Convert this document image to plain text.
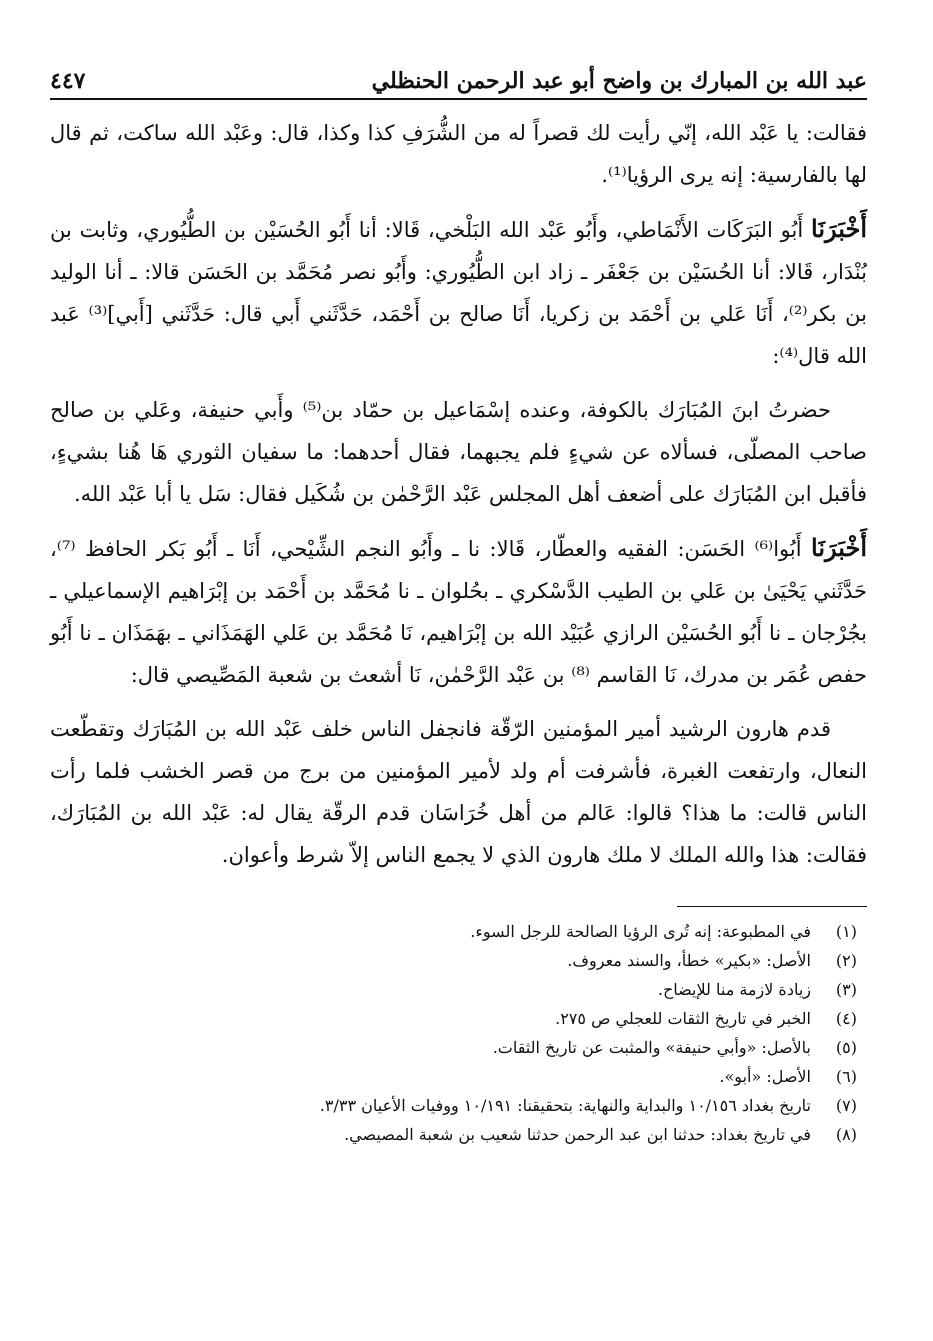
عبد الله بن المبارك بن واضح أبو عبد الرحمن الحنظلي
٤٤٧

فقالت: يا عَبْد الله، إنّي رأيت لك قصراً له من الشُّرَفِ كذا وكذا، قال: وعَبْد الله ساكت، ثم قال لها بالفارسية: إنه يرى الرؤيا⁽¹⁾.

أَخْبَرَنَا أَبُو البَرَكَات الأَنْمَاطي، وأَبُو عَبْد الله البَلْخي، قَالا: أنا أَبُو الحُسَيْن بن الطُّيُوري، وثابت بن بُنْدَار، قَالا: أنا الحُسَيْن بن جَعْفَر ـ زاد ابن الطُّيُوري: وأَبُو نصر مُحَمَّد بن الحَسَن قالا: ـ أنا الوليد بن بكر⁽²⁾، أَنَا عَلي بن أَحْمَد بن زكريا، أَنَا صالح بن أَحْمَد، حَدَّثَني أَبي قال: حَدَّثَني [أَبي]⁽³⁾ عَبد الله قال⁽⁴⁾:

حضرتُ ابنَ المُبَارَك بالكوفة، وعنده إسْمَاعيل بن حمّاد بن⁽⁵⁾ وأَبي حنيفة، وعَلي بن صالح صاحب المصلّى، فسألاه عن شيءٍ فلم يجبهما، فقال أحدهما: ما سفيان الثوري هَا هُنا بشيءٍ، فأقبل ابن المُبَارَك على أضعف أهل المجلس عَبْد الرَّحْمٰن بن شُكَيل فقال: سَل يا أبا عَبْد الله.

أَخْبَرَنَا أَبُوا⁽⁶⁾ الحَسَن: الفقيه والعطّار، قَالا: نا ـ وأَبُو النجم الشِّيْحي، أَنَا ـ أَبُو بَكر الحافظ ⁽⁷⁾، حَدَّثَني يَحْيَىٰ بن عَلي بن الطيب الدَّسْكري ـ بحُلوان ـ نا مُحَمَّد بن أَحْمَد بن إبْرَاهيم الإسماعيلي ـ بجُرْجان ـ نا أَبُو الحُسَيْن الرازي عُبَيْد الله بن إبْرَاهيم، نَا مُحَمَّد بن عَلي الهَمَذَاني ـ بهَمَذَان ـ نا أَبُو حفص عُمَر بن مدرك، نَا القاسم ⁽⁸⁾ بن عَبْد الرَّحْمٰن، نَا أشعث بن شعبة المَصِّيصي قال:

قدم هارون الرشيد أمير المؤمنين الرّقّة فانجفل الناس خلف عَبْد الله بن المُبَارَك وتقطّعت النعال، وارتفعت الغبرة، فأشرفت أم ولد لأمير المؤمنين من برج من قصر الخشب فلما رأت الناس قالت: ما هذا؟ قالوا: عَالم من أهل خُرَاسَان قدم الرقّة يقال له: عَبْد الله بن المُبَارَك، فقالت: هذا والله الملك لا ملك هارون الذي لا يجمع الناس إلاّ شرط وأعوان.

(١)
في المطبوعة: إنه تُرى الرؤيا الصالحة للرجل السوء.
(٢)
الأصل: «بكير» خطأ، والسند معروف.
(٣)
زيادة لازمة منا للإيضاح.
(٤)
الخبر في تاريخ الثقات للعجلي ص ٢٧٥.
(٥)
بالأصل: «وأبي حنيفة» والمثبت عن تاريخ الثقات.
(٦)
الأصل: «أبو».
(٧)
تاريخ بغداد ١٠/١٥٦ والبداية والنهاية: بتحقيقنا: ١٠/١٩١ ووفيات الأعيان ٣/٣٣.
(٨)
في تاريخ بغداد: حدثنا ابن عبد الرحمن حدثنا شعيب بن شعبة المصيصي.
